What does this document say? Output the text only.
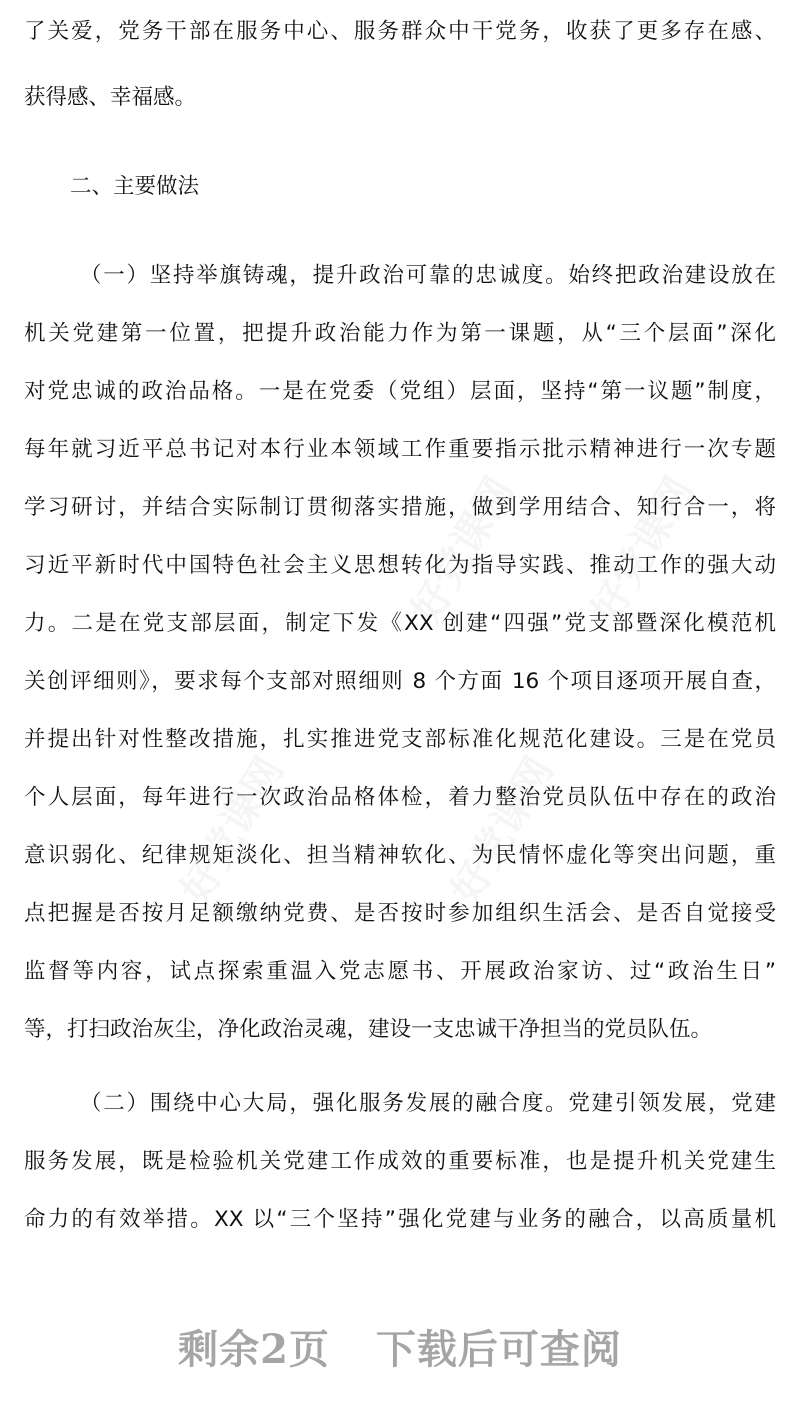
好党课网 好党课网
好党课网	好党课网
了关爱，党务干部在服务中心、服务群众中干党务，收获了更多存在感、
获得感、幸福感。
二、主要做法
（一）坚持举旗铸魂，提升政治可靠的忠诚度。始终把政治建设放在
机关党建第一位置，把提升政治能力作为第一课题，从“三个层面”深化
对党忠诚的政治品格。一是在党委（党组）层面，坚持“第一议题”制度，
每年就习近平总书记对本行业本领域工作重要指示批示精神进行一次专题
学习研讨，并结合实际制订贯彻落实措施，做到学用结合、知行合一，将
习近平新时代中国特色社会主义思想转化为指导实践、推动工作的强大动
力。二是在党支部层面，制定下发《XX 创建“四强”党支部暨深化模范机
关创评细则》，要求每个支部对照细则 8 个方面 16 个项目逐项开展自查，
并提出针对性整改措施，扎实推进党支部标准化规范化建设。三是在党员
个人层面，每年进行一次政治品格体检，着力整治党员队伍中存在的政治
意识弱化、纪律规矩淡化、担当精神软化、为民情怀虚化等突出问题，重
点把握是否按月足额缴纳党费、是否按时参加组织生活会、是否自觉接受
监督等内容，试点探索重温入党志愿书、开展政治家访、过“政治生日”
等，打扫政治灰尘，净化政治灵魂，建设一支忠诚干净担当的党员队伍。
（二）围绕中心大局，强化服务发展的融合度。党建引领发展，党建
服务发展，既是检验机关党建工作成效的重要标准，也是提升机关党建生
命力的有效举措。XX 以“三个坚持”强化党建与业务的融合，以高质量机
剩余2页 下载后可查阅
